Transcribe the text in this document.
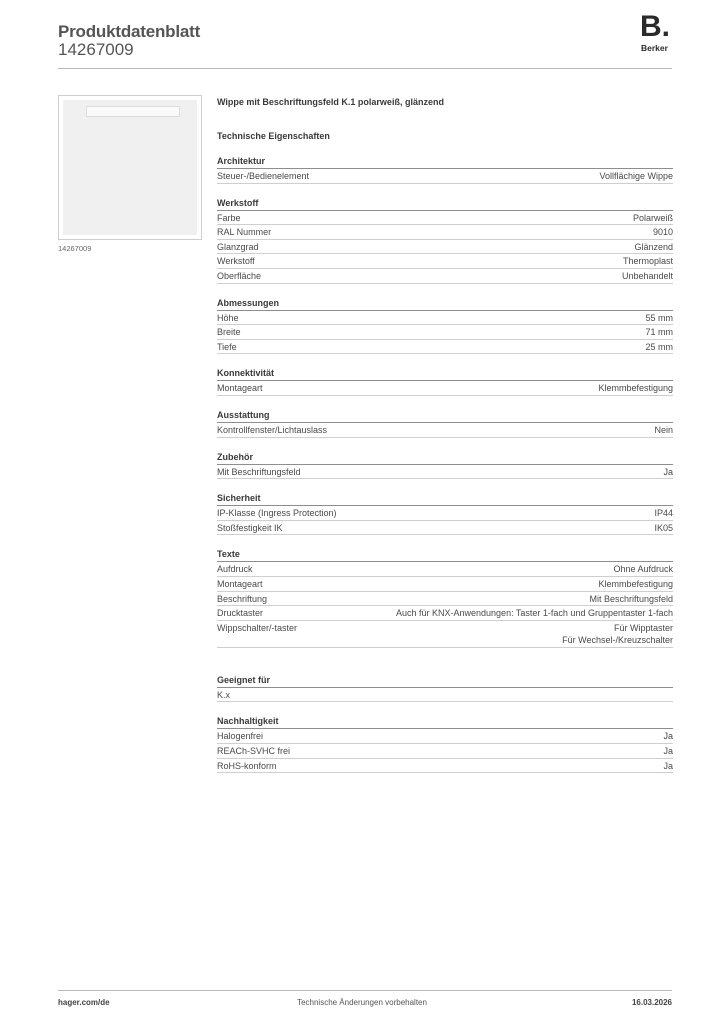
Produktdatenblatt
14267009
B.
Berker
14267009
Wippe mit Beschriftungsfeld K.1 polarweiß, glänzend
Technische Eigenschaften
Architektur
Steuer-/Bedienelement	Vollflächige Wippe
Werkstoff
Farbe	Polarweiß
RAL Nummer	9010
Glanzgrad	Glänzend
Werkstoff	Thermoplast
Oberfläche	Unbehandelt
Abmessungen
Höhe	55 mm
Breite	71 mm
Tiefe	25 mm
Konnektivität
Montageart	Klemmbefestigung
Ausstattung
Kontrollfenster/Lichtauslass	Nein
Zubehör
Mit Beschriftungsfeld	Ja
Sicherheit
IP-Klasse (Ingress Protection)	IP44
Stoßfestigkeit IK	IK05
Texte
Aufdruck	Ohne Aufdruck
Montageart	Klemmbefestigung
Beschriftung	Mit Beschriftungsfeld
Drucktaster	Auch für KNX-Anwendungen: Taster 1-fach und Gruppentaster 1-fach
Wippschalter/-taster	Für Wipptaster
Für Wechsel-/Kreuzschalter
Geeignet für
K.x
Nachhaltigkeit
Halogenfrei	Ja
REACh-SVHC frei	Ja
RoHS-konform	Ja
hager.com/de	Technische Änderungen vorbehalten	16.03.2026
